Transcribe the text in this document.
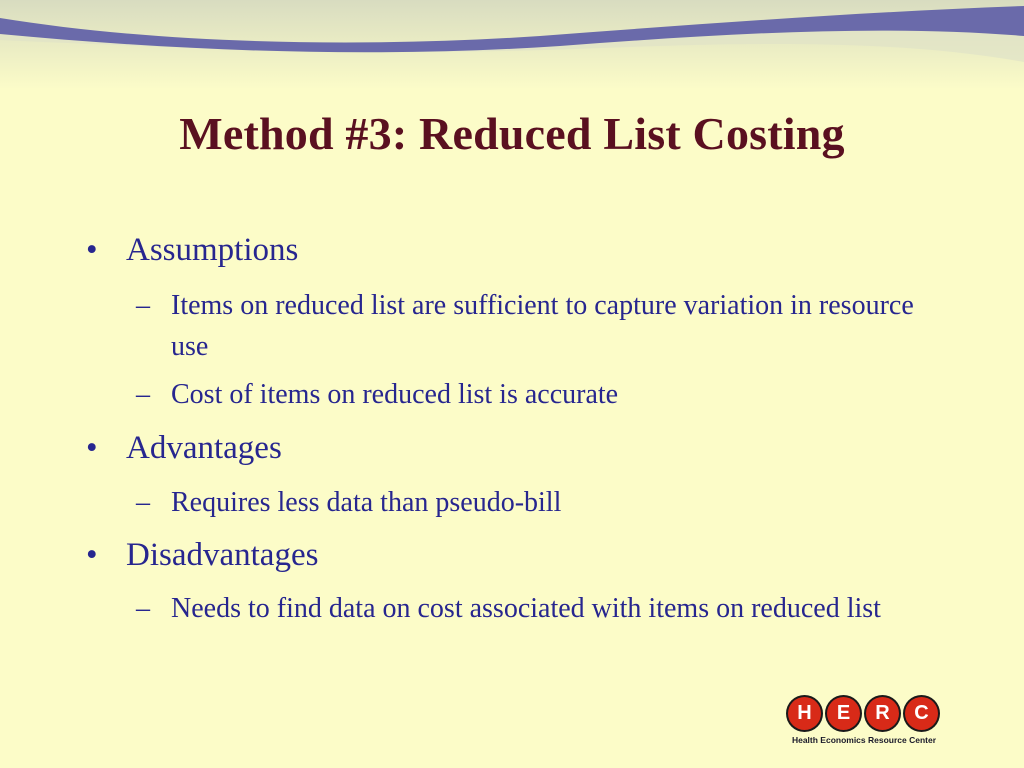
Method #3: Reduced List Costing
• Assumptions
– Items on reduced list are sufficient to capture variation in resource use
– Cost of items on reduced list is accurate
• Advantages
– Requires less data than pseudo-bill
• Disadvantages
– Needs to find data on cost associated with items on reduced list
H	E	R	C
Health Economics Resource Center
